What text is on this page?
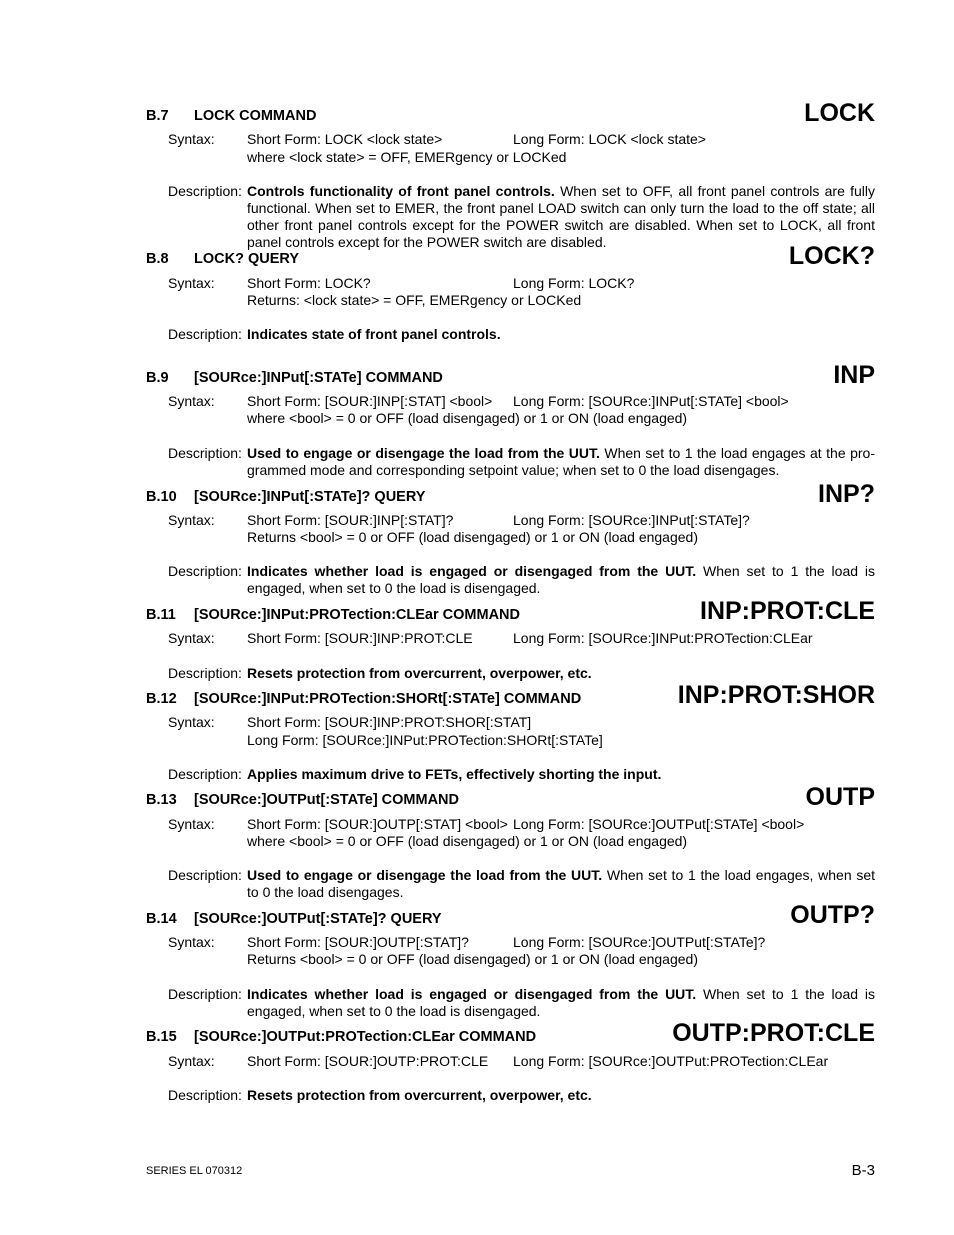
B.7 LOCK COMMAND	LOCK
Syntax: Short Form: LOCK <lock state>	Long Form: LOCK <lock state>
where <lock state> = OFF, EMERgency or LOCKed
Description: Controls functionality of front panel controls. When set to OFF, all front panel controls are fully functional. When set to EMER, the front panel LOAD switch can only turn the load to the off state; all other front panel controls except for the POWER switch are disabled. When set to LOCK, all front panel controls except for the POWER switch are disabled.
B.8 LOCK? QUERY	LOCK?
Syntax: Short Form: LOCK?	Long Form: LOCK?
Returns: <lock state> = OFF, EMERgency or LOCKed
Description: Indicates state of front panel controls.
B.9 [SOURce:]INPut[:STATe] COMMAND	INP
Syntax: Short Form: [SOUR:]INP[:STAT] <bool> Long Form: [SOURce:]INPut[:STATe] <bool>
where <bool> = 0 or OFF (load disengaged) or 1 or ON (load engaged)
Description: Used to engage or disengage the load from the UUT. When set to 1 the load engages at the pro-grammed mode and corresponding setpoint value; when set to 0 the load disengages.
B.10 [SOURce:]INPut[:STATe]? QUERY	INP?
Syntax: Short Form: [SOUR:]INP[:STAT]?	Long Form: [SOURce:]INPut[:STATe]?
Returns <bool> = 0 or OFF (load disengaged) or 1 or ON (load engaged)
Description: Indicates whether load is engaged or disengaged from the UUT. When set to 1 the load is engaged, when set to 0 the load is disengaged.
B.11 [SOURce:]INPut:PROTection:CLEar COMMAND	INP:PROT:CLE
Syntax: Short Form: [SOUR:]INP:PROT:CLE	Long Form: [SOURce:]INPut:PROTection:CLEar
Description: Resets protection from overcurrent, overpower, etc.
B.12 [SOURce:]INPut:PROTection:SHORt[:STATe] COMMAND	INP:PROT:SHOR
Syntax: Short Form: [SOUR:]INP:PROT:SHOR[:STAT]
Long Form: [SOURce:]INPut:PROTection:SHORt[:STATe]
Description: Applies maximum drive to FETs, effectively shorting the input.
B.13 [SOURce:]OUTPut[:STATe] COMMAND	OUTP
Syntax: Short Form: [SOUR:]OUTP[:STAT] <bool> Long Form: [SOURce:]OUTPut[:STATe] <bool>
where <bool> = 0 or OFF (load disengaged) or 1 or ON (load engaged)
Description: Used to engage or disengage the load from the UUT. When set to 1 the load engages, when set to 0 the load disengages.
B.14 [SOURce:]OUTPut[:STATe]? QUERY	OUTP?
Syntax: Short Form: [SOUR:]OUTP[:STAT]?	Long Form: [SOURce:]OUTPut[:STATe]?
Returns <bool> = 0 or OFF (load disengaged) or 1 or ON (load engaged)
Description: Indicates whether load is engaged or disengaged from the UUT. When set to 1 the load is engaged, when set to 0 the load is disengaged.
B.15 [SOURce:]OUTPut:PROTection:CLEar COMMAND	OUTP:PROT:CLE
Syntax: Short Form: [SOUR:]OUTP:PROT:CLE Long Form: [SOURce:]OUTPut:PROTection:CLEar
Description: Resets protection from overcurrent, overpower, etc.
SERIES EL 070312	B-3
